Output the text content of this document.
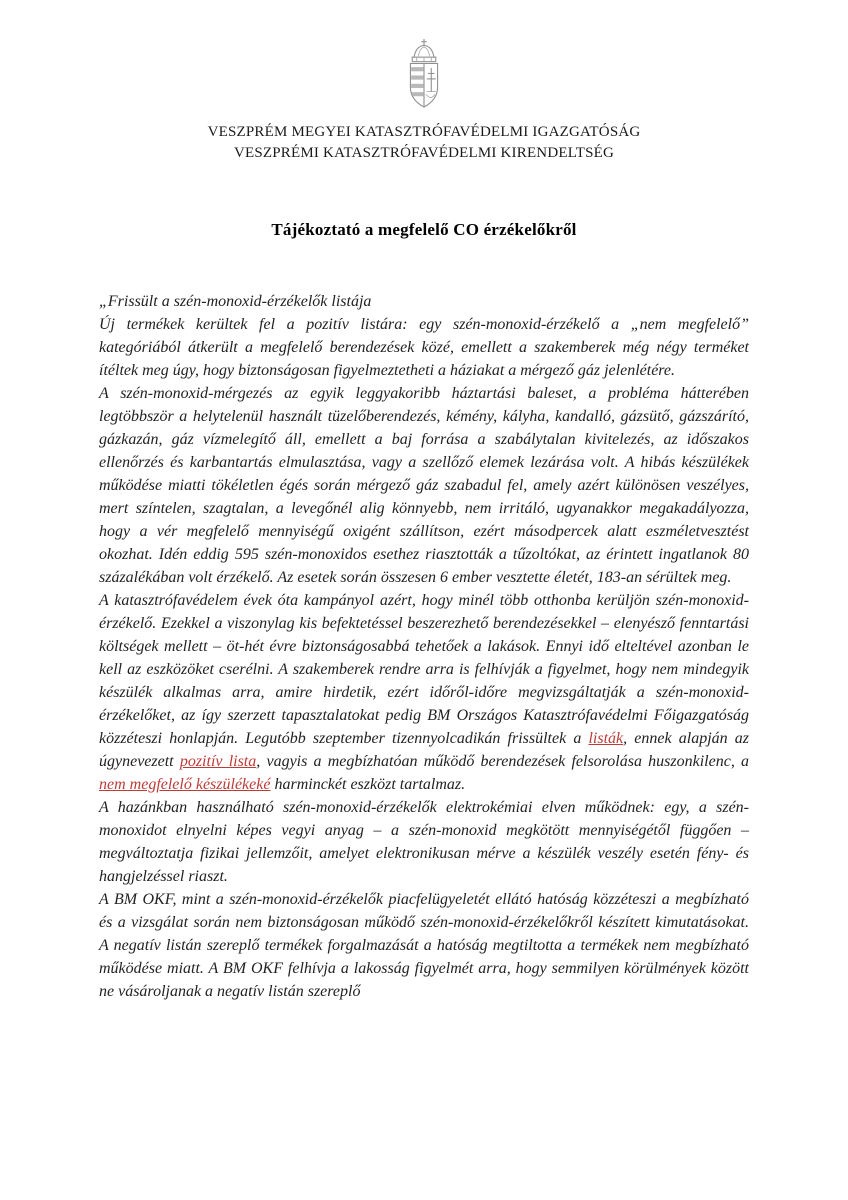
VESZPRÉM MEGYEI KATASZTRÓFAVÉDELMI IGAZGATÓSÁG
VESZPRÉMI KATASZTRÓFAVÉDELMI KIRENDELTSÉG
Tájékoztató a megfelelő CO érzékelőkről

„Frissült a szén-monoxid-érzékelők listája

Új termékek kerültek fel a pozitív listára: egy szén-monoxid-érzékelő a „nem megfelelő” kategóriából átkerült a megfelelő berendezések közé, emellett a szakemberek még négy terméket ítéltek meg úgy, hogy biztonságosan figyelmeztetheti a háziakat a mérgező gáz jelenlétére.

A szén-monoxid-mérgezés az egyik leggyakoribb háztartási baleset, a probléma hátterében legtöbbször a helytelenül használt tüzelőberendezés, kémény, kályha, kandalló, gázsütő, gázszárító, gázkazán, gáz vízmelegítő áll, emellett a baj forrása a szabálytalan kivitelezés, az időszakos ellenőrzés és karbantartás elmulasztása, vagy a szellőző elemek lezárása volt. A hibás készülékek működése miatti tökéletlen égés során mérgező gáz szabadul fel, amely azért különösen veszélyes, mert színtelen, szagtalan, a levegőnél alig könnyebb, nem irritáló, ugyanakkor megakadályozza, hogy a vér megfelelő mennyiségű oxigént szállítson, ezért másodpercek alatt eszméletvesztést okozhat. Idén eddig 595 szén-monoxidos esethez riasztották a tűzoltókat, az érintett ingatlanok 80 százalékában volt érzékelő. Az esetek során összesen 6 ember vesztette életét, 183-an sérültek meg.

A katasztrófavédelem évek óta kampányol azért, hogy minél több otthonba kerüljön szén-monoxid-érzékelő. Ezekkel a viszonylag kis befektetéssel beszerezhető berendezésekkel – elenyésző fenntartási költségek mellett – öt-hét évre biztonságosabbá tehetőek a lakások. Ennyi idő elteltével azonban le kell az eszközöket cserélni. A szakemberek rendre arra is felhívják a figyelmet, hogy nem mindegyik készülék alkalmas arra, amire hirdetik, ezért időről-időre megvizsgáltatják a szén-monoxid-érzékelőket, az így szerzett tapasztalatokat pedig BM Országos Katasztrófavédelmi Főigazgatóság közzéteszi honlapján. Legutóbb szeptember tizennyolcadikán frissültek a listák, ennek alapján az úgynevezett pozitív lista, vagyis a megbízhatóan működő berendezések felsorolása huszonkilenc, a nem megfelelő készülékeké harminckét eszközt tartalmaz.

A hazánkban használható szén-monoxid-érzékelők elektrokémiai elven működnek: egy, a szén-monoxidot elnyelni képes vegyi anyag – a szén-monoxid megkötött mennyiségétől függően – megváltoztatja fizikai jellemzőit, amelyet elektronikusan mérve a készülék veszély esetén fény- és hangjelzéssel riaszt.

A BM OKF, mint a szén-monoxid-érzékelők piacfelügyeletét ellátó hatóság közzéteszi a megbízható és a vizsgálat során nem biztonságosan működő szén-monoxid-érzékelőkről készített kimutatásokat. A negatív listán szereplő termékek forgalmazását a hatóság megtiltotta a termékek nem megbízható működése miatt. A BM OKF felhívja a lakosság figyelmét arra, hogy semmilyen körülmények között ne vásároljanak a negatív listán szereplő
